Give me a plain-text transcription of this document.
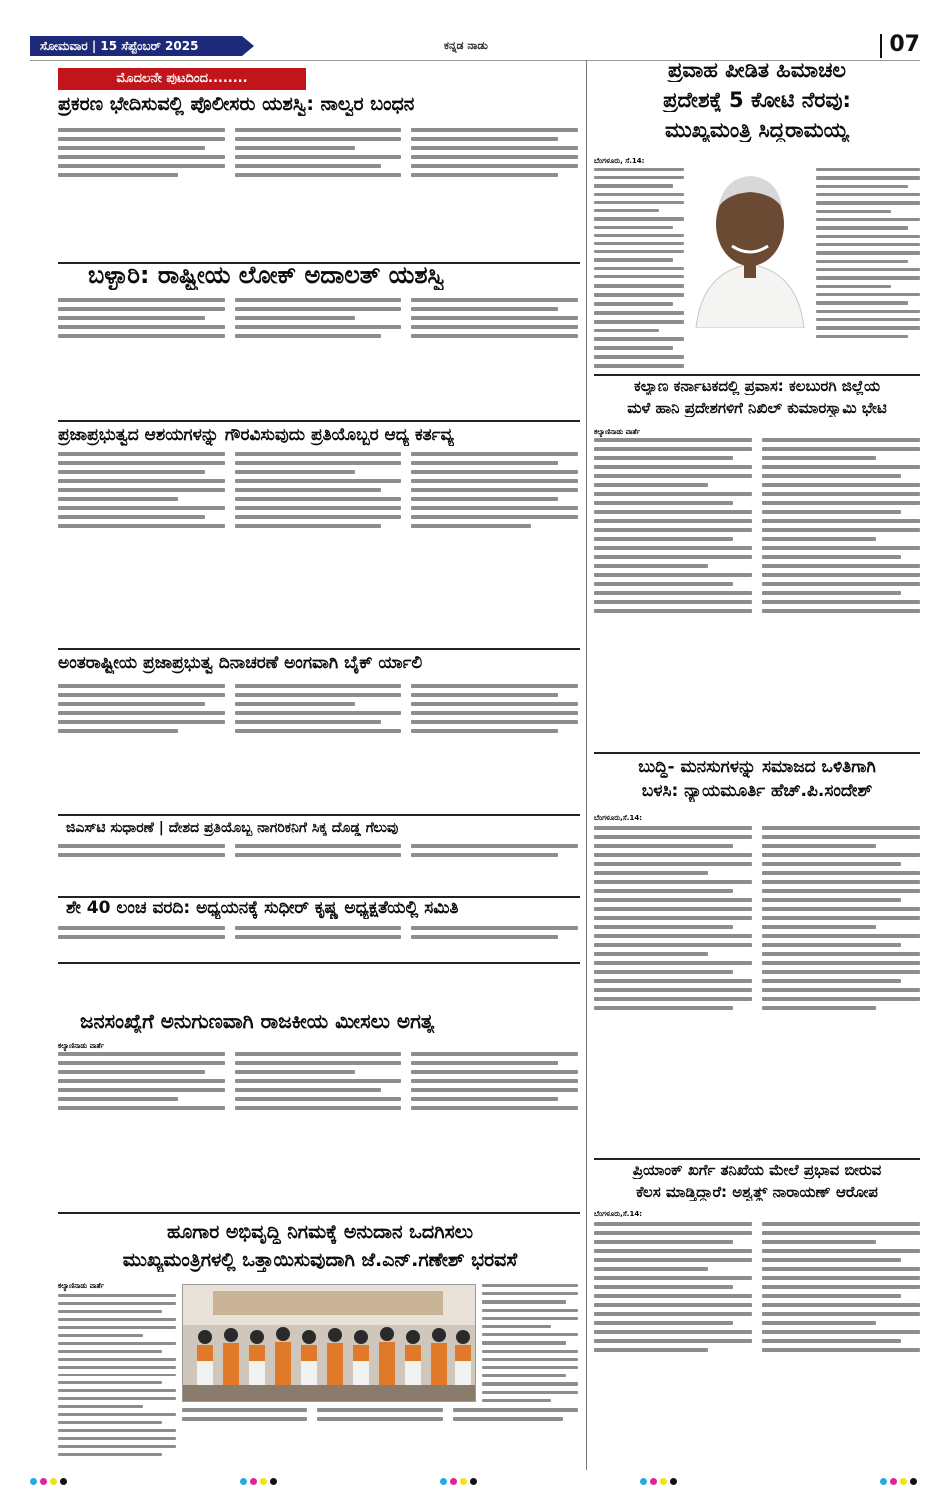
ಸೋಮವಾರ | 15 ಸೆಪ್ಟೆಂಬರ್ 2025	ಕನ್ನಡ ನಾಡು	07
ಮೊದಲನೇ ಪುಟದಿಂದ........
ಪ್ರಕರಣ ಭೇದಿಸುವಲ್ಲಿ ಪೊಲೀಸರು ಯಶಸ್ವಿ: ನಾಲ್ವರ ಬಂಧನ
ಬಳ್ಳಾರಿ: ರಾಷ್ಟ್ರೀಯ ಲೋಕ್ ಅದಾಲತ್ ಯಶಸ್ವಿ
ಪ್ರಜಾಪ್ರಭುತ್ವದ ಆಶಯಗಳನ್ನು ಗೌರವಿಸುವುದು ಪ್ರತಿಯೊಬ್ಬರ ಆದ್ಯ ಕರ್ತವ್ಯ
ಅಂತರಾಷ್ಟ್ರೀಯ ಪ್ರಜಾಪ್ರಭುತ್ವ ದಿನಾಚರಣೆ ಅಂಗವಾಗಿ ಬೈಕ್ ರ್ಯಾಲಿ
ಜಿಎಸ್‌ಟಿ ಸುಧಾರಣೆ | ದೇಶದ ಪ್ರತಿಯೊಬ್ಬ ನಾಗರಿಕನಿಗೆ ಸಿಕ್ಕ ದೊಡ್ಡ ಗೆಲುವು
ಶೇ 40 ಲಂಚ ವರದಿ: ಅಧ್ಯಯನಕ್ಕೆ ಸುಧೀರ್ ಕೃಷ್ಣ ಅಧ್ಯಕ್ಷತೆಯಲ್ಲಿ ಸಮಿತಿ
ಜನಸಂಖ್ಯೆಗೆ ಅನುಗುಣವಾಗಿ ರಾಜಕೀಯ ಮೀಸಲು ಅಗತ್ಯ
ಕಲ್ಯಾಣಿನಾಡು ವಾರ್ತೆ
ಹೂಗಾರ ಅಭಿವೃದ್ಧಿ ನಿಗಮಕ್ಕೆ ಅನುದಾನ ಒದಗಿಸಲು
ಮುಖ್ಯಮಂತ್ರಿಗಳಲ್ಲಿ ಒತ್ತಾಯಿಸುವುದಾಗಿ ಜೆ.ಎನ್.ಗಣೇಶ್ ಭರವಸೆ
ಕಲ್ಯಾಣಿನಾಡು ವಾರ್ತೆ
ಪ್ರವಾಹ ಪೀಡಿತ ಹಿಮಾಚಲ
ಪ್ರದೇಶಕ್ಕೆ 5 ಕೋಟಿ ನೆರವು:
ಮುಖ್ಯಮಂತ್ರಿ ಸಿದ್ದರಾಮಯ್ಯ
ಬೆಂಗಳೂರು, ಸೆ.14:
ಕಲ್ಯಾಣ ಕರ್ನಾಟಕದಲ್ಲಿ ಪ್ರವಾಸ: ಕಲಬುರಗಿ ಜಿಲ್ಲೆಯ
ಮಳೆ ಹಾನಿ ಪ್ರದೇಶಗಳಿಗೆ ನಿಖಿಲ್ ಕುಮಾರಸ್ವಾಮಿ ಭೇಟಿ
ಕಲ್ಯಾಣಿನಾಡು ವಾರ್ತೆ
ಬುದ್ಧಿ- ಮನಸುಗಳನ್ನು ಸಮಾಜದ ಒಳಿತಿಗಾಗಿ
ಬಳಸಿ: ನ್ಯಾಯಮೂರ್ತಿ ಹೆಚ್.ಪಿ.ಸಂದೇಶ್
ಬೆಂಗಳೂರು,ಸೆ.14:
ಪ್ರಿಯಾಂಕ್ ಖರ್ಗೆ ತನಿಖೆಯ ಮೇಲೆ ಪ್ರಭಾವ ಬೀರುವ
ಕೆಲಸ ಮಾಡ್ತಿದ್ದಾರೆ: ಅಶ್ವತ್ಥ್ ನಾರಾಯಣ್ ಆರೋಪ
ಬೆಂಗಳೂರು,ಸೆ.14:
